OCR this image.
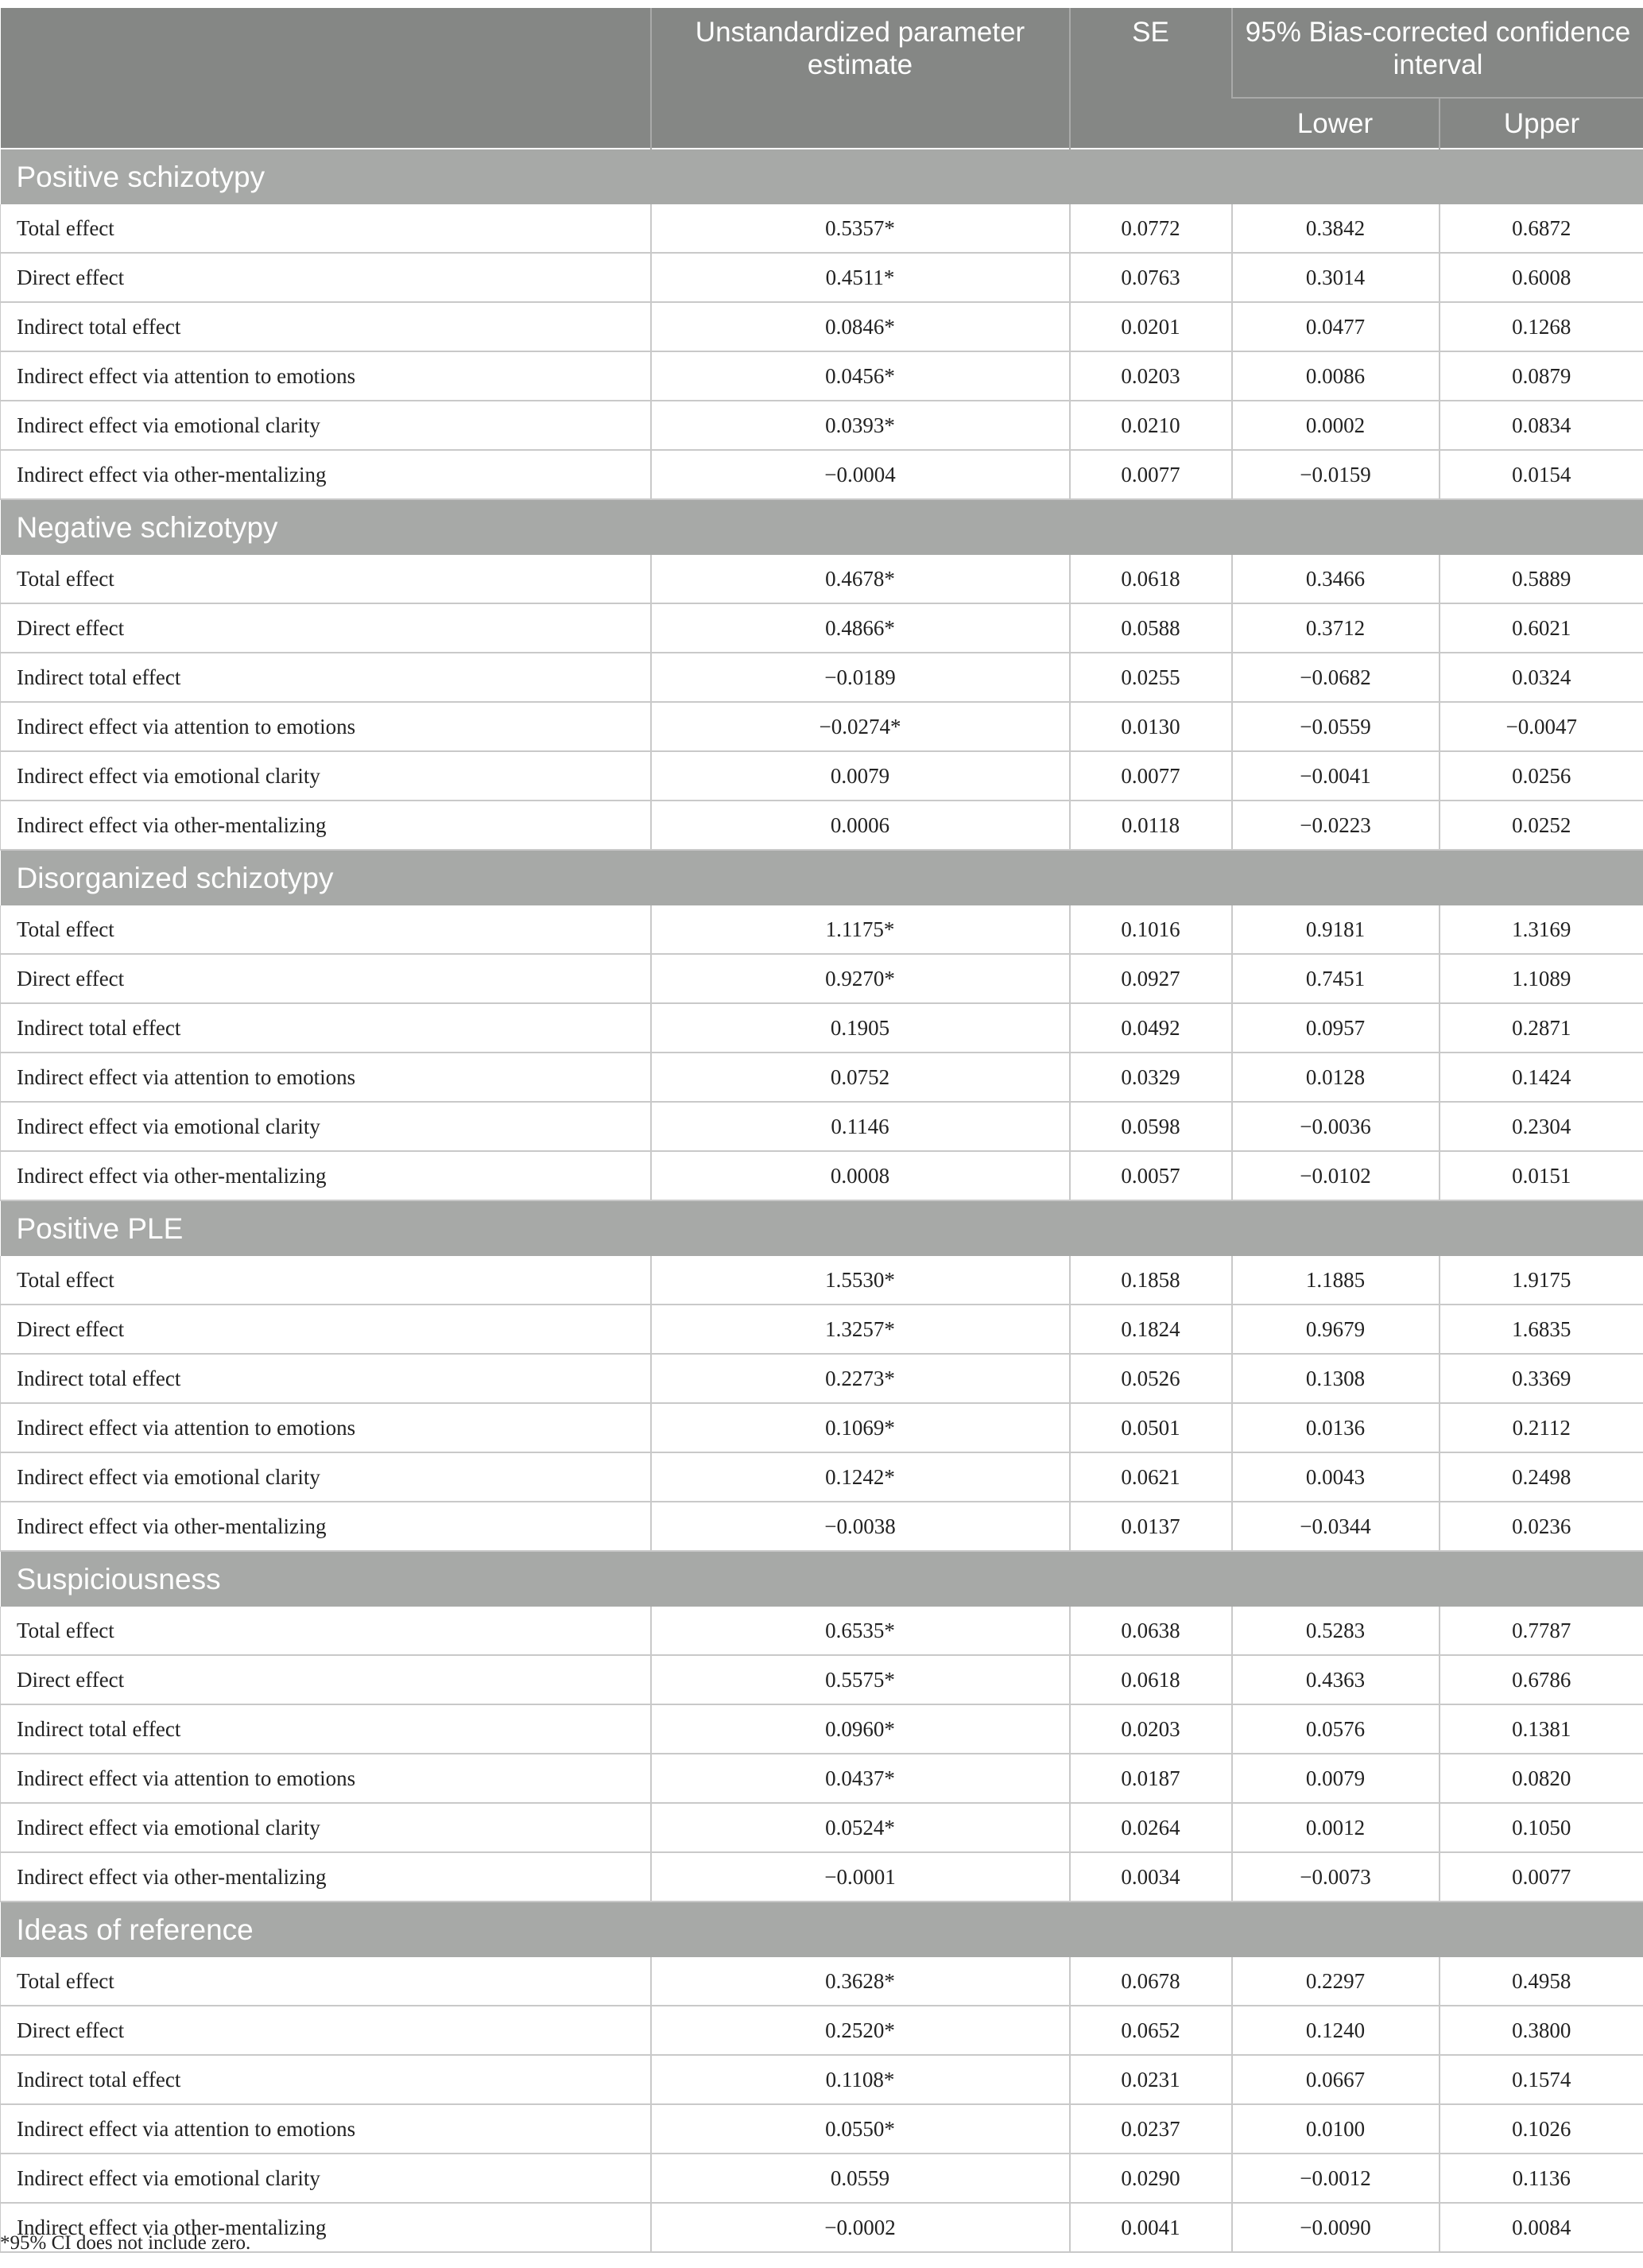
	Unstandardized parameter estimate	SE	95% Bias-corrected confidence interval	
			Lower	Upper
Positive schizotypy				
Total effect	0.5357*	0.0772	0.3842	0.6872
Direct effect	0.4511*	0.0763	0.3014	0.6008
Indirect total effect	0.0846*	0.0201	0.0477	0.1268
Indirect effect via attention to emotions	0.0456*	0.0203	0.0086	0.0879
Indirect effect via emotional clarity	0.0393*	0.0210	0.0002	0.0834
Indirect effect via other-mentalizing	−0.0004	0.0077	−0.0159	0.0154
Negative schizotypy				
Total effect	0.4678*	0.0618	0.3466	0.5889
Direct effect	0.4866*	0.0588	0.3712	0.6021
Indirect total effect	−0.0189	0.0255	−0.0682	0.0324
Indirect effect via attention to emotions	−0.0274*	0.0130	−0.0559	−0.0047
Indirect effect via emotional clarity	0.0079	0.0077	−0.0041	0.0256
Indirect effect via other-mentalizing	0.0006	0.0118	−0.0223	0.0252
Disorganized schizotypy				
Total effect	1.1175*	0.1016	0.9181	1.3169
Direct effect	0.9270*	0.0927	0.7451	1.1089
Indirect total effect	0.1905	0.0492	0.0957	0.2871
Indirect effect via attention to emotions	0.0752	0.0329	0.0128	0.1424
Indirect effect via emotional clarity	0.1146	0.0598	−0.0036	0.2304
Indirect effect via other-mentalizing	0.0008	0.0057	−0.0102	0.0151
Positive PLE				
Total effect	1.5530*	0.1858	1.1885	1.9175
Direct effect	1.3257*	0.1824	0.9679	1.6835
Indirect total effect	0.2273*	0.0526	0.1308	0.3369
Indirect effect via attention to emotions	0.1069*	0.0501	0.0136	0.2112
Indirect effect via emotional clarity	0.1242*	0.0621	0.0043	0.2498
Indirect effect via other-mentalizing	−0.0038	0.0137	−0.0344	0.0236
Suspiciousness				
Total effect	0.6535*	0.0638	0.5283	0.7787
Direct effect	0.5575*	0.0618	0.4363	0.6786
Indirect total effect	0.0960*	0.0203	0.0576	0.1381
Indirect effect via attention to emotions	0.0437*	0.0187	0.0079	0.0820
Indirect effect via emotional clarity	0.0524*	0.0264	0.0012	0.1050
Indirect effect via other-mentalizing	−0.0001	0.0034	−0.0073	0.0077
Ideas of reference				
Total effect	0.3628*	0.0678	0.2297	0.4958
Direct effect	0.2520*	0.0652	0.1240	0.3800
Indirect total effect	0.1108*	0.0231	0.0667	0.1574
Indirect effect via attention to emotions	0.0550*	0.0237	0.0100	0.1026
Indirect effect via emotional clarity	0.0559	0.0290	−0.0012	0.1136
Indirect effect via other-mentalizing	−0.0002	0.0041	−0.0090	0.0084
*95% CI does not include zero.
